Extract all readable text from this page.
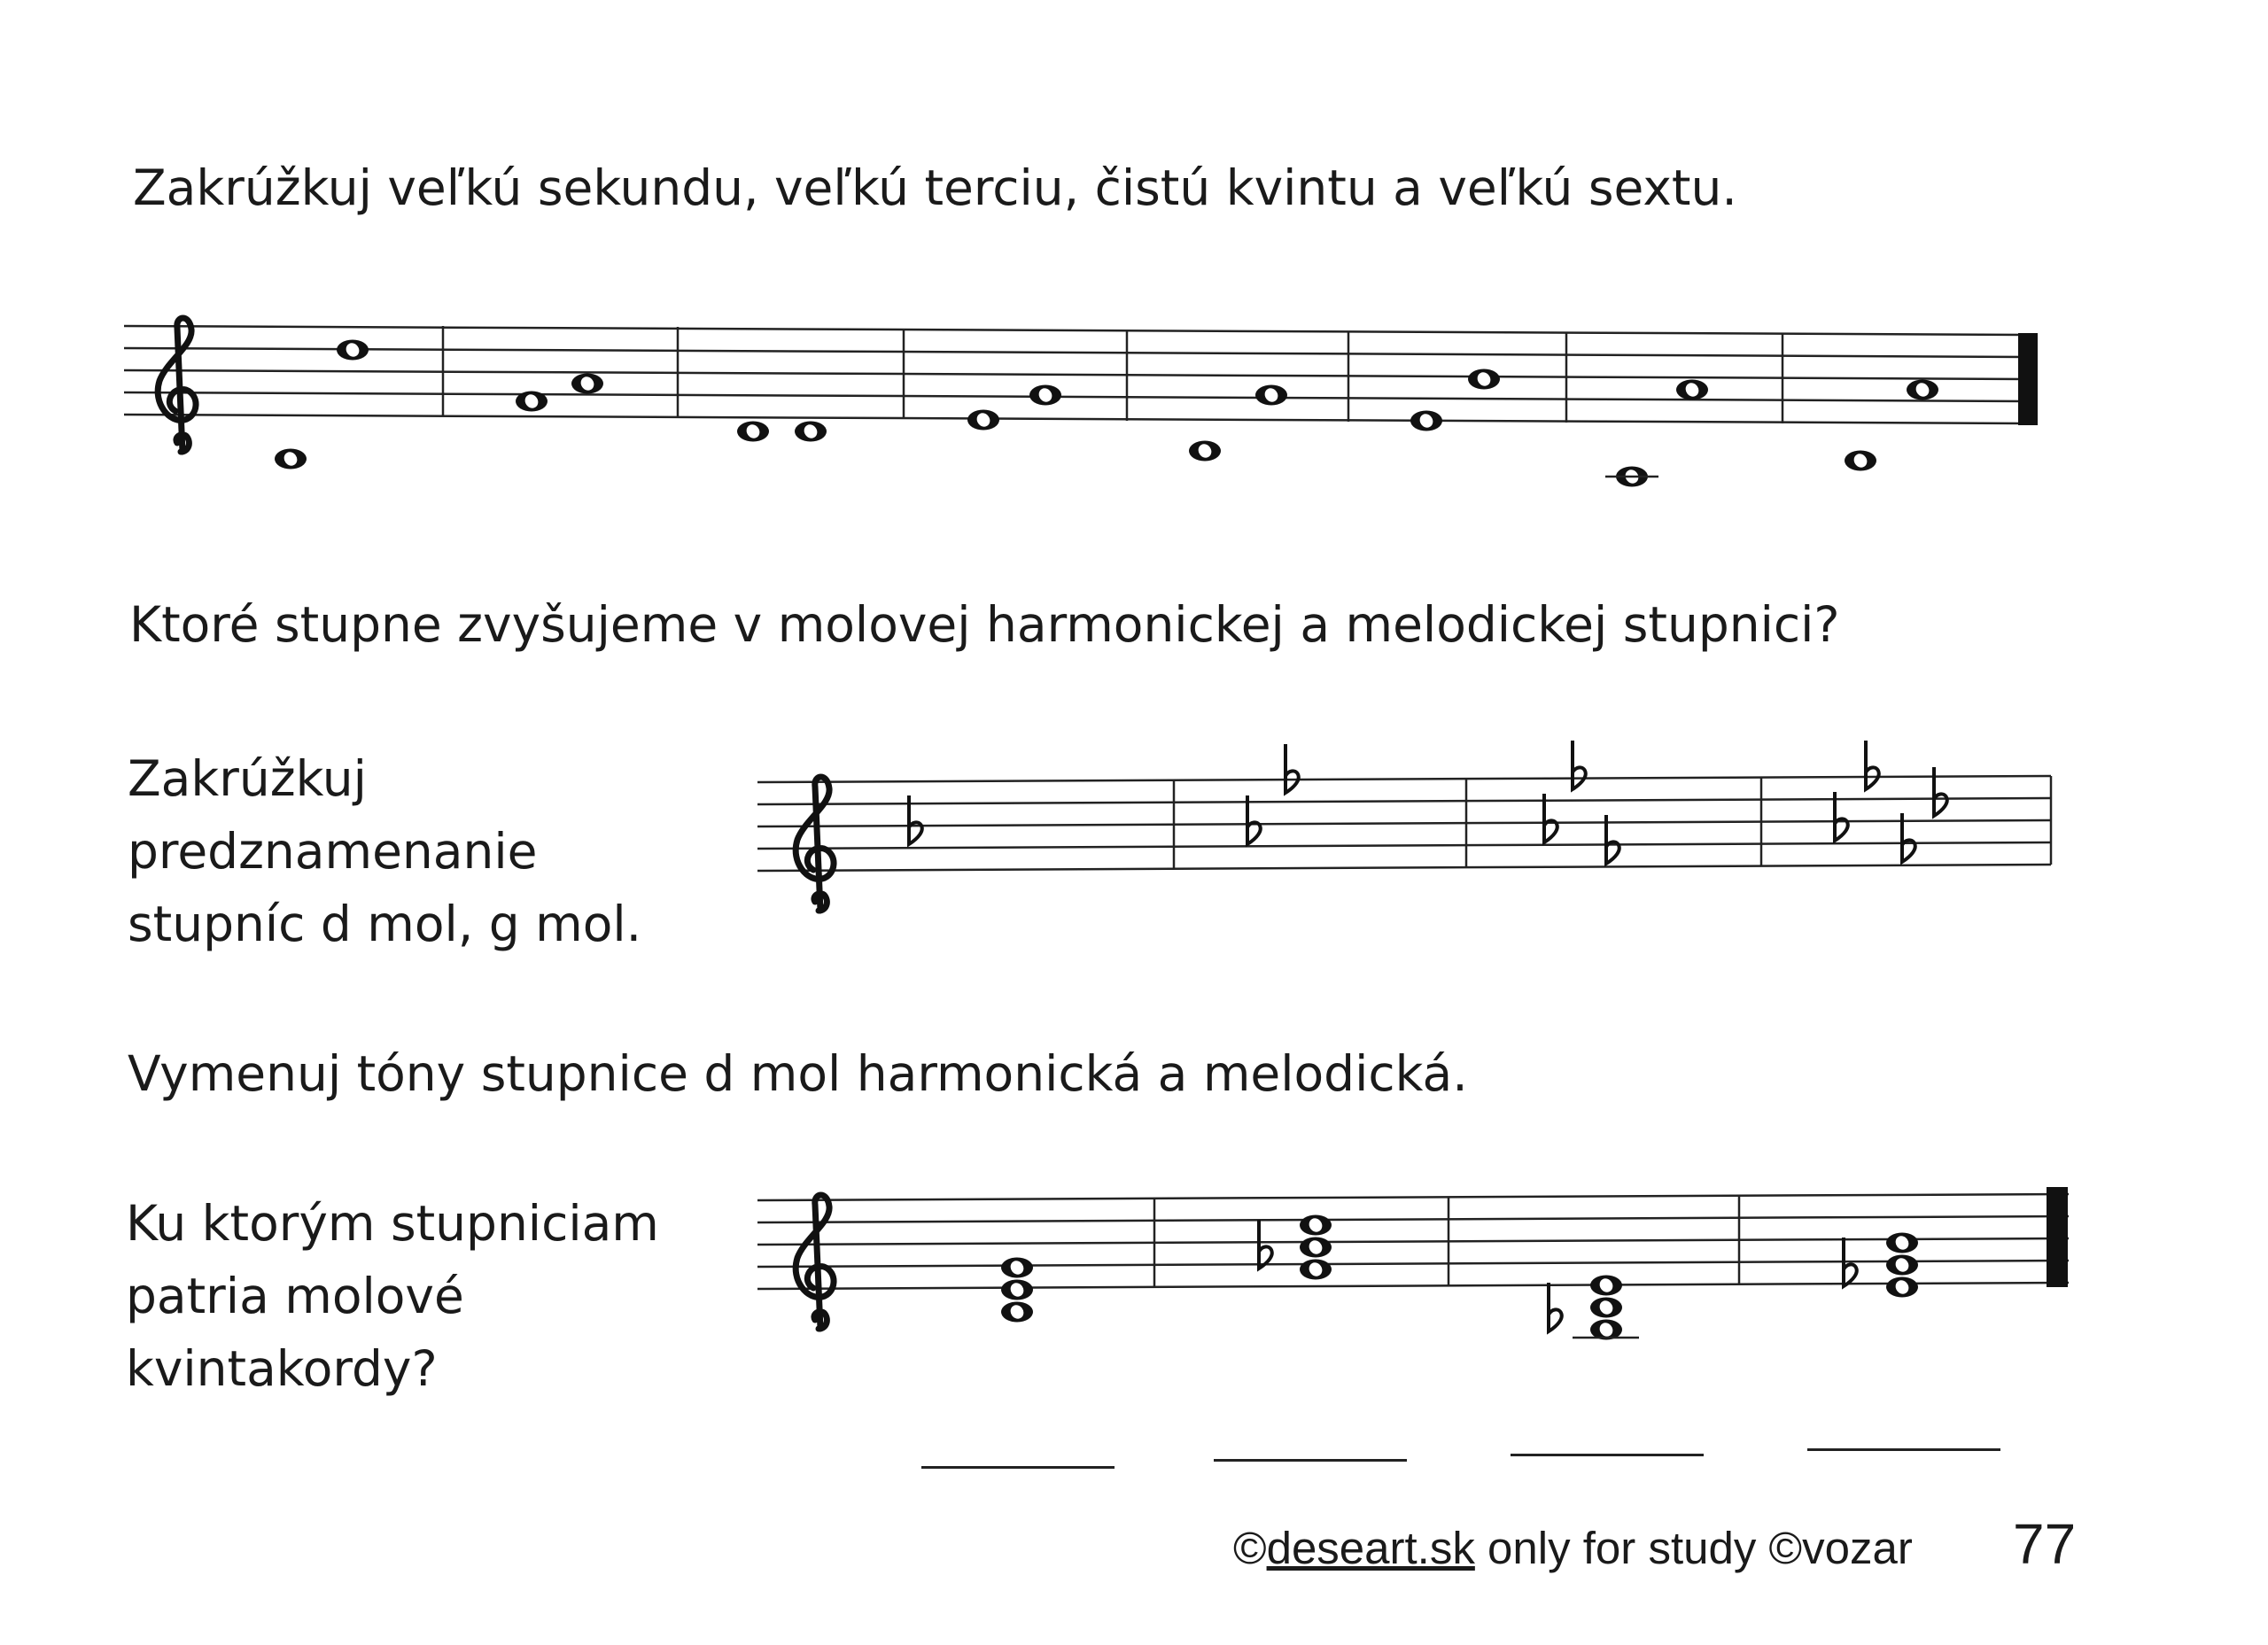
Zakrúžkuj veľkú sekundu, veľkú terciu, čistú kvintu a veľkú sextu.
Ktoré stupne zvyšujeme v molovej harmonickej a melodickej stupnici?
Zakrúžkuj
predznamenanie
stupníc d mol, g mol.
Vymenuj tóny stupnice d mol harmonická a melodická.
Ku ktorým stupniciam
patria molové
kvintakordy?
©deseart.sk only for study ©vozar 77
